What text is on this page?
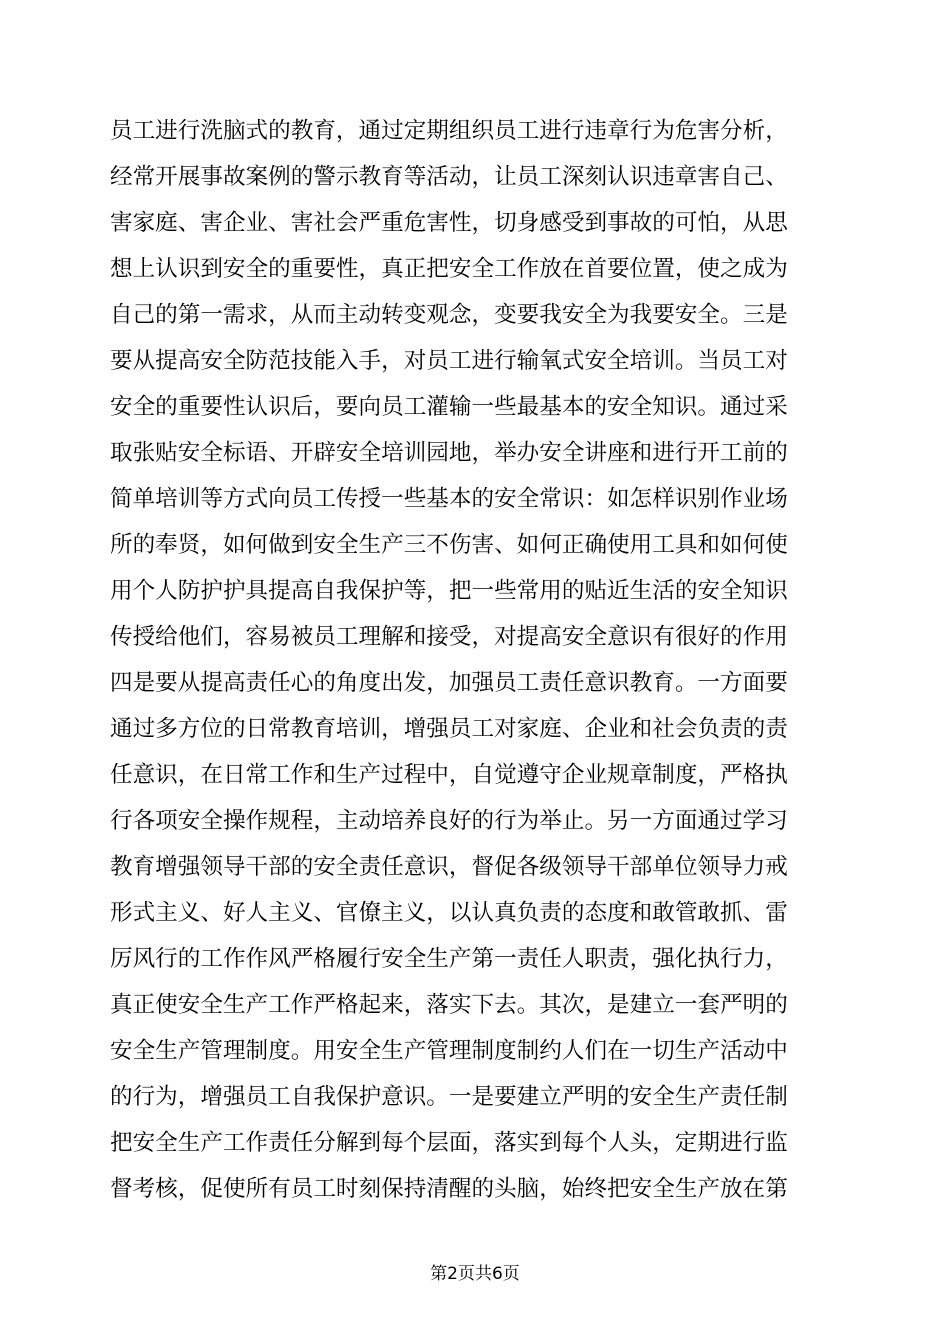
员工进行洗脑式的教育，通过定期组织员工进行违章行为危害分析，
经常开展事故案例的警示教育等活动，让员工深刻认识违章害自己、
害家庭、害企业、害社会严重危害性，切身感受到事故的可怕，从思
想上认识到安全的重要性，真正把安全工作放在首要位置，使之成为
自己的第一需求，从而主动转变观念，变要我安全为我要安全。三是
要从提高安全防范技能入手，对员工进行输氧式安全培训。当员工对
安全的重要性认识后，要向员工灌输一些最基本的安全知识。通过采
取张贴安全标语、开辟安全培训园地，举办安全讲座和进行开工前的
简单培训等方式向员工传授一些基本的安全常识：如怎样识别作业场
所的奉贤，如何做到安全生产三不伤害、如何正确使用工具和如何使
用个人防护护具提高自我保护等，把一些常用的贴近生活的安全知识
传授给他们，容易被员工理解和接受，对提高安全意识有很好的作用
四是要从提高责任心的角度出发，加强员工责任意识教育。一方面要
通过多方位的日常教育培训，增强员工对家庭、企业和社会负责的责
任意识，在日常工作和生产过程中，自觉遵守企业规章制度，严格执
行各项安全操作规程，主动培养良好的行为举止。另一方面通过学习
教育增强领导干部的安全责任意识，督促各级领导干部单位领导力戒
形式主义、好人主义、官僚主义，以认真负责的态度和敢管敢抓、雷
厉风行的工作作风严格履行安全生产第一责任人职责，强化执行力，
真正使安全生产工作严格起来，落实下去。其次，是建立一套严明的
安全生产管理制度。用安全生产管理制度制约人们在一切生产活动中
的行为，增强员工自我保护意识。一是要建立严明的安全生产责任制
把安全生产工作责任分解到每个层面，落实到每个人头，定期进行监
督考核，促使所有员工时刻保持清醒的头脑，始终把安全生产放在第
第2页共6页
